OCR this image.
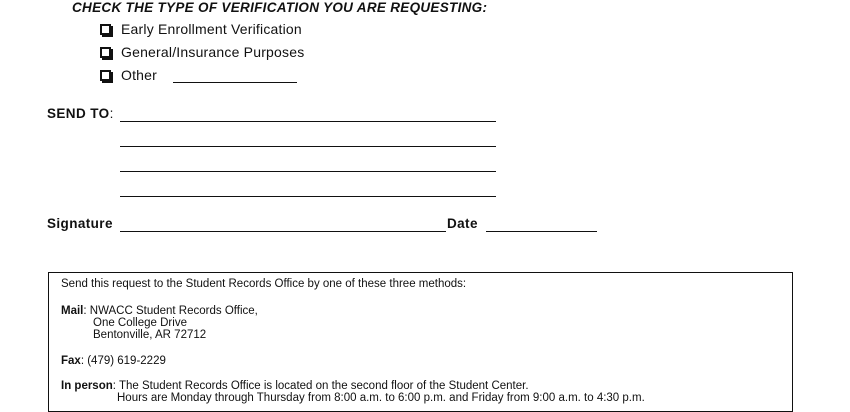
CHECK THE TYPE OF VERIFICATION YOU ARE REQUESTING:
Early Enrollment Verification
General/Insurance Purposes
Other
SEND TO:
Signature	Date
Send this request to the Student Records Office by one of these three methods:
Mail: NWACC Student Records Office,
One College Drive
Bentonville, AR 72712
Fax: (479) 619-2229
In person: The Student Records Office is located on the second floor of the Student Center.
Hours are Monday through Thursday from 8:00 a.m. to 6:00 p.m. and Friday from 9:00 a.m. to 4:30 p.m.
